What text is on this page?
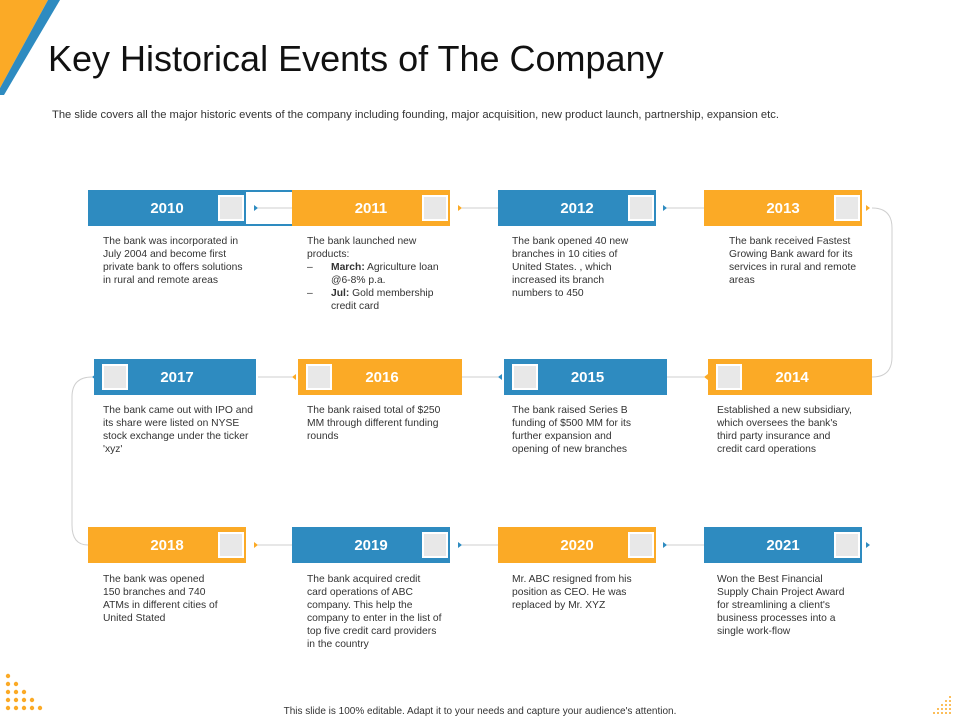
Key Historical Events of The Company
The slide covers all the major historic events of the company including founding, major acquisition, new product launch, partnership, expansion etc.
2010	2011	2012	2013
The bank was incorporated in July 2004 and become first private bank to offers solutions in rural and remote areas
The bank launched new products:
– March: Agriculture loan @6-8% p.a.
– Jul: Gold membership credit card
The bank opened 40 new branches in 10 cities of United States. , which increased its branch numbers to 450
The bank received Fastest Growing Bank award for its services in rural and remote areas
2017	2016	2015	2014
The bank came out with IPO and its share were listed on NYSE stock exchange under the ticker 'xyz'
The bank raised total of $250 MM through different funding rounds
The bank raised Series B funding of $500 MM for its further expansion and opening of new branches
Established a new subsidiary, which oversees the bank's third party insurance and credit card operations
2018	2019	2020	2021
The bank was opened 150 branches and 740 ATMs in different cities of United Stated
The bank acquired credit card operations of ABC company. This help the company to enter in the list of top five credit card providers in the country
Mr. ABC resigned from his position as CEO. He was replaced by Mr. XYZ
Won the Best Financial Supply Chain Project Award for streamlining a client's business processes into a single work-flow
This slide is 100% editable. Adapt it to your needs and capture your audience's attention.
